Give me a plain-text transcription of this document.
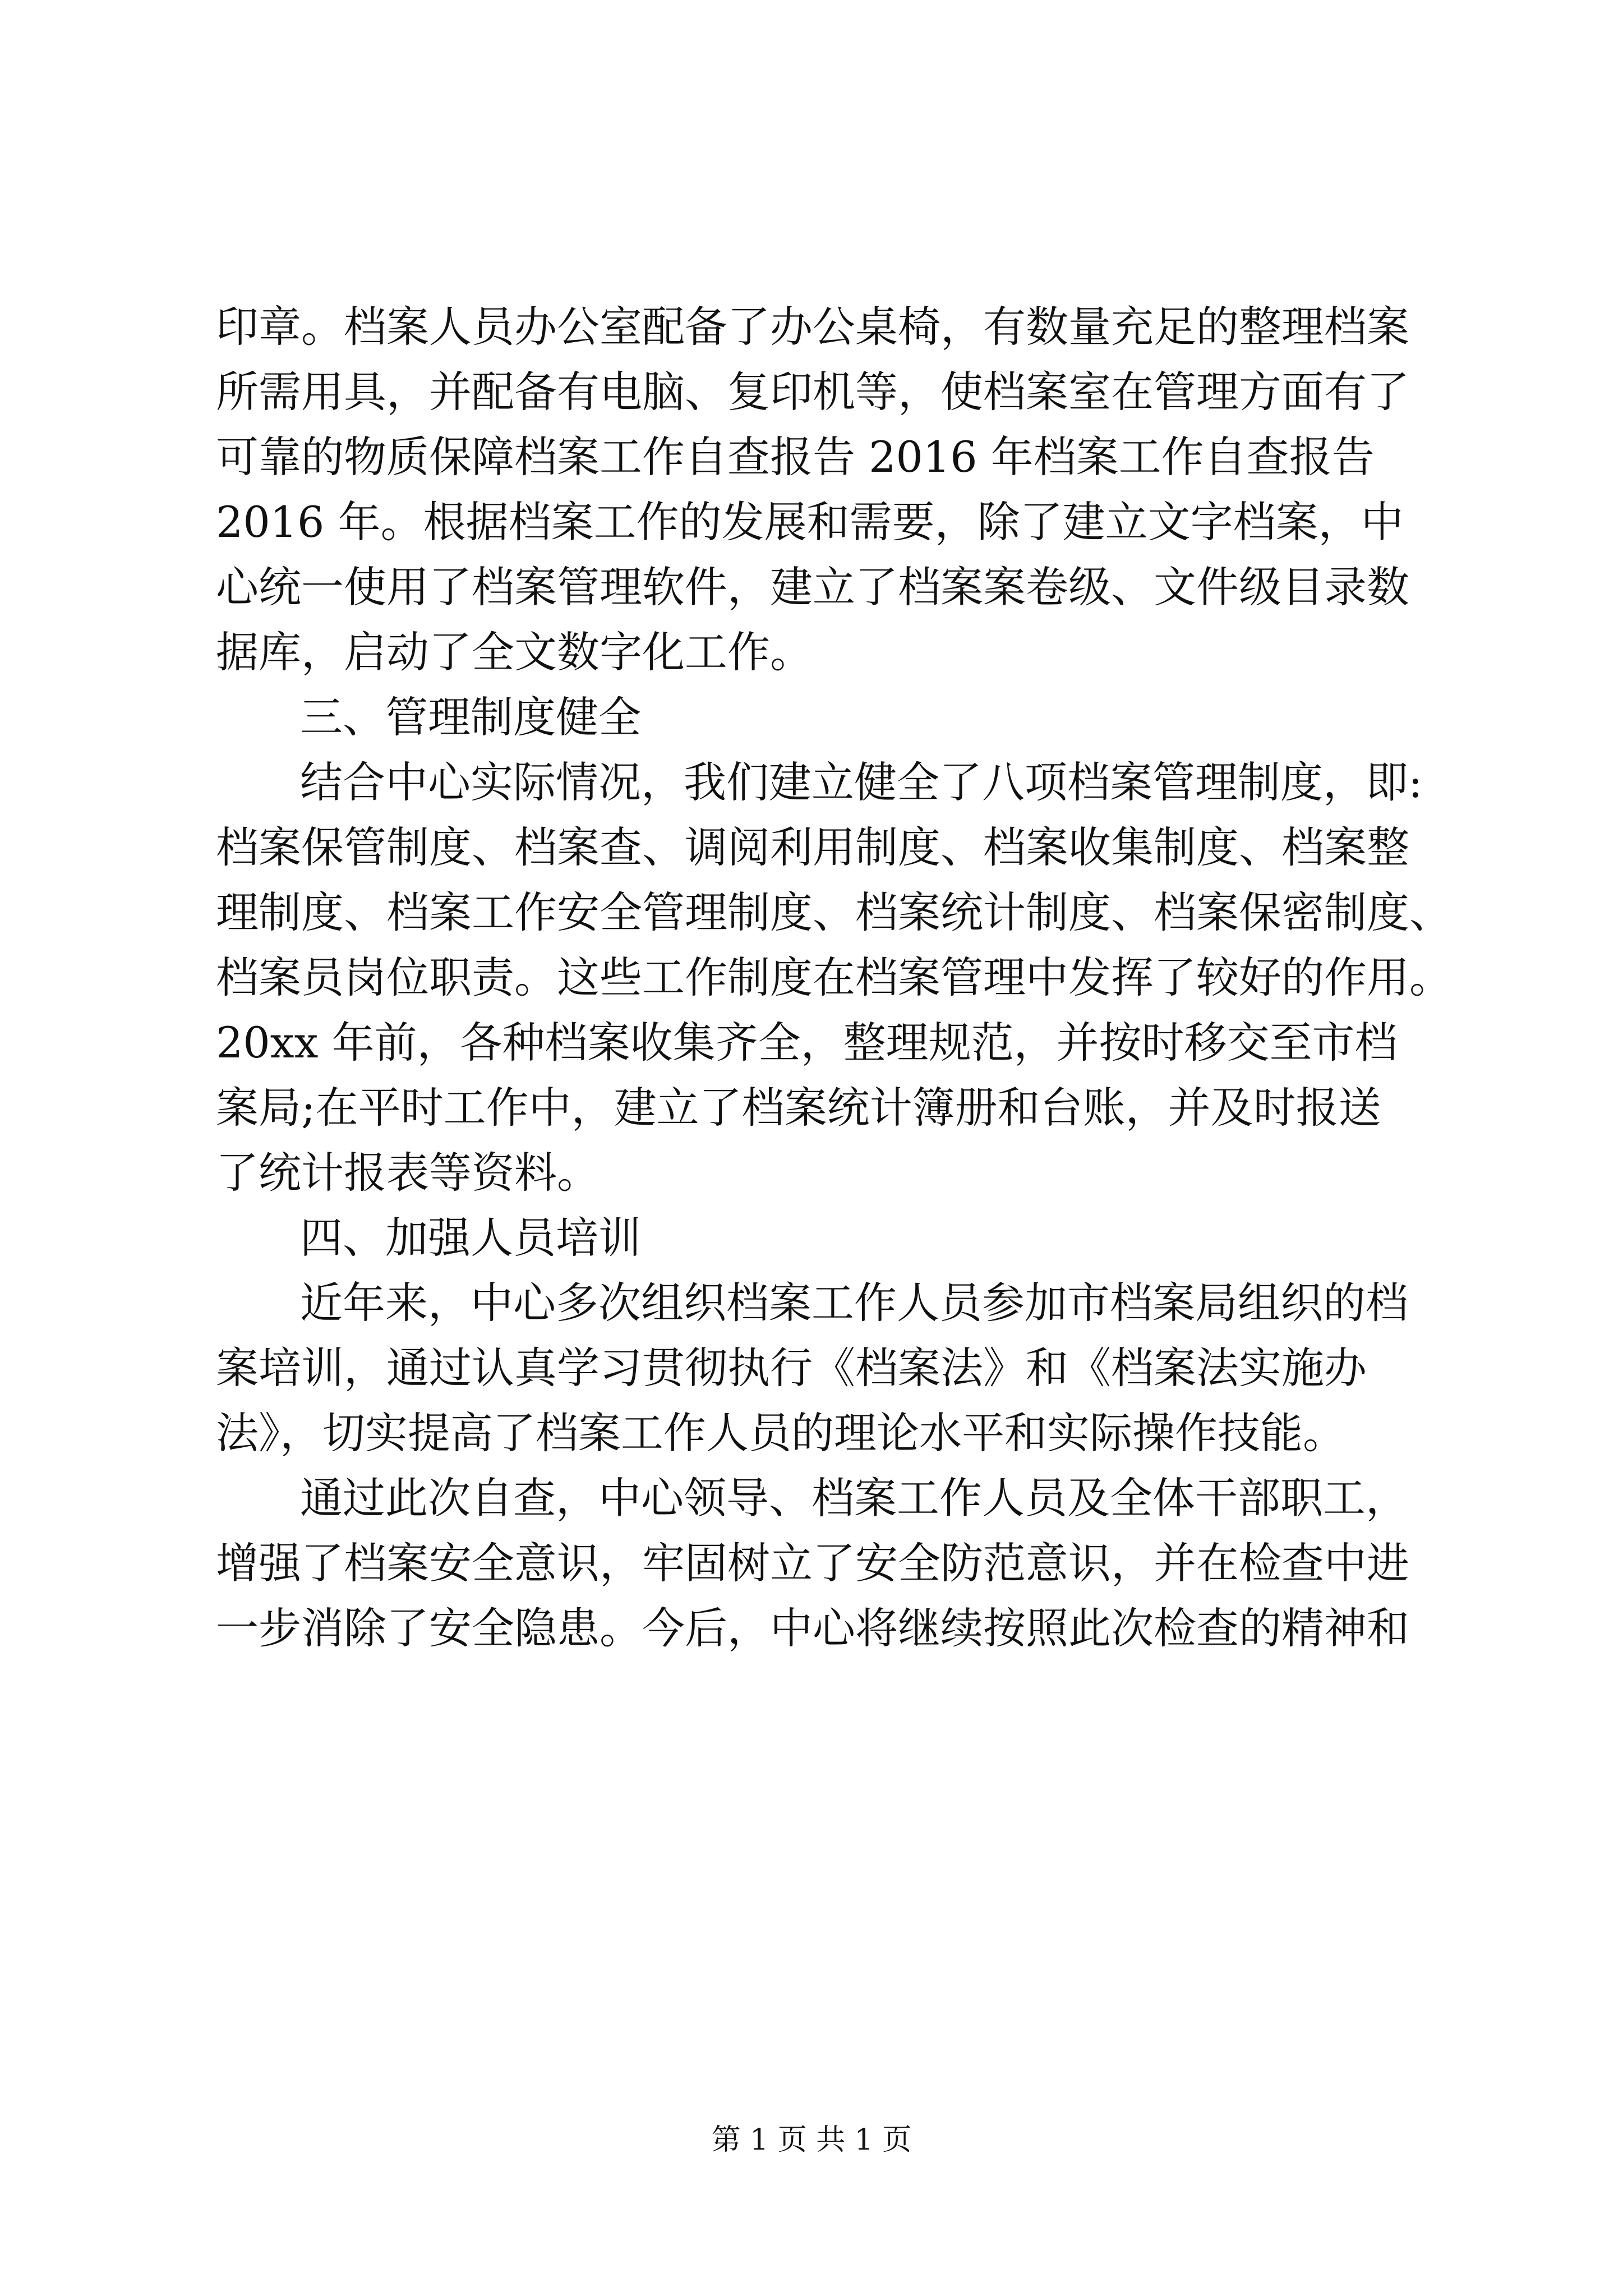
印章。档案人员办公室配备了办公桌椅，有数量充足的整理档案
所需用具，并配备有电脑、复印机等，使档案室在管理方面有了
可靠的物质保障档案工作自查报告 2016 年档案工作自查报告
2016 年。根据档案工作的发展和需要，除了建立文字档案，中
心统一使用了档案管理软件，建立了档案案卷级、文件级目录数
据库，启动了全文数字化工作。
三、管理制度健全
结合中心实际情况，我们建立健全了八项档案管理制度，即:
档案保管制度、档案查、调阅利用制度、档案收集制度、档案整
理制度、档案工作安全管理制度、档案统计制度、档案保密制度、
档案员岗位职责。这些工作制度在档案管理中发挥了较好的作用。
20xx 年前，各种档案收集齐全，整理规范，并按时移交至市档
案局;在平时工作中，建立了档案统计簿册和台账，并及时报送
了统计报表等资料。
四、加强人员培训
近年来，中心多次组织档案工作人员参加市档案局组织的档
案培训，通过认真学习贯彻执行《档案法》和《档案法实施办
法》，切实提高了档案工作人员的理论水平和实际操作技能。
通过此次自查，中心领导、档案工作人员及全体干部职工，
增强了档案安全意识，牢固树立了安全防范意识，并在检查中进
一步消除了安全隐患。今后，中心将继续按照此次检查的精神和
第 1 页 共 1 页
